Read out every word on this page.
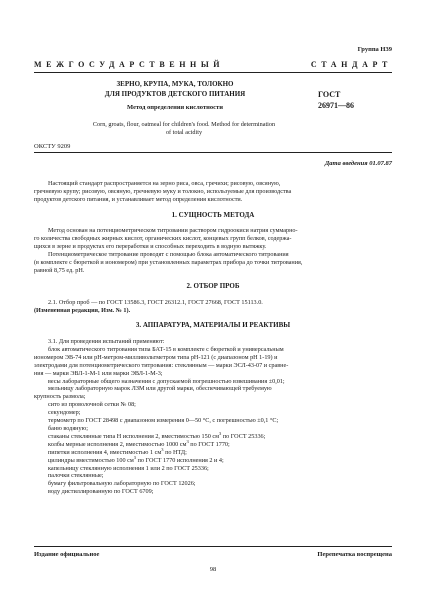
Группа Н39
МЕЖГОСУДАРСТВЕННЫЙ	СТАНДАРТ
ЗЕРНО, КРУПА, МУКА, ТОЛОКНО
ДЛЯ ПРОДУКТОВ ДЕТСКОГО ПИТАНИЯ
Метод определения кислотности
ГОСТ
26971—86
Corn, groats, flour, oatmeal for children's food. Method for determination
of total acidity
ОКСТУ 9209
Дата введения 01.07.87
Настоящий стандарт распространяется на зерно риса, овса, гречихи; рисовую, овсяную,
гречневую крупу; рисовую, овсяную, гречневую муку и толокно, используемые для производства
продуктов детского питания, и устанавливает метод определения кислотности.
1. СУЩНОСТЬ МЕТОДА
Метод основан на потенциометрическом титровании раствором гидроокиси натрия суммарно-
го количества свободных жирных кислот, органических кислот, концевых групп белков, содержа-
щихся в зерне и продуктах его переработки и способных переходить в водную вытяжку.
Потенциометрическое титрование проводят с помощью блока автоматического титрования
(в комплекте с бюреткой и иономером) при установленных параметрах прибора до точки титрования,
равной 8,75 ед. pH.
2. ОТБОР ПРОБ
2.1. Отбор проб — по ГОСТ 13586.3, ГОСТ 26312.1, ГОСТ 27668, ГОСТ 15113.0.
(Измененная редакция, Изм. № 1).
3. АППАРАТУРА, МАТЕРИАЛЫ И РЕАКТИВЫ
3.1. Для проведения испытаний применяют:
блок автоматического титрования типа БАТ-15 в комплекте с бюреткой и универсальным
иономером ЭВ-74 или pH-метром-милливольтметром типа pH-121 (с диапазоном pH 1-19) и
электродами для потенциометрического титрования: стеклянным — марки ЭСЛ-43-07 и сравне-
ния — марки ЭВЛ-1-М-1 или марки ЭВЛ-1-М-3;
весы лабораторные общего назначения с допускаемой погрешностью взвешивания ±0,01;
мельницу лабораторную марок ЛЗМ или другой марки, обеспечивающей требуемую
крупность размола;
сито из проволочной сетки № 08;
секундомер;
термометр по ГОСТ 28498 с диапазоном измерения 0—50 °С, с погрешностью ±0,1 °С;
баню водяную;
стаканы стеклянные типа Н исполнения 2, вместимостью 150 $см^3$ по ГОСТ 25336;
колбы мерные исполнения 2, вместимостью 1000 $см^3$ по ГОСТ 1770;
пипетки исполнения 4, вместимостью 1 $см^3$ по НТД;
цилиндры вместимостью 100 $см^3$ по ГОСТ 1770 исполнения 2 и 4;
капельницу стеклянную исполнения 1 или 2 по ГОСТ 25336;
палочки стеклянные;
бумагу фильтровальную лабораторную по ГОСТ 12026;
воду дистиллированную по ГОСТ 6709;
Издание официальное	Перепечатка воспрещена
98
